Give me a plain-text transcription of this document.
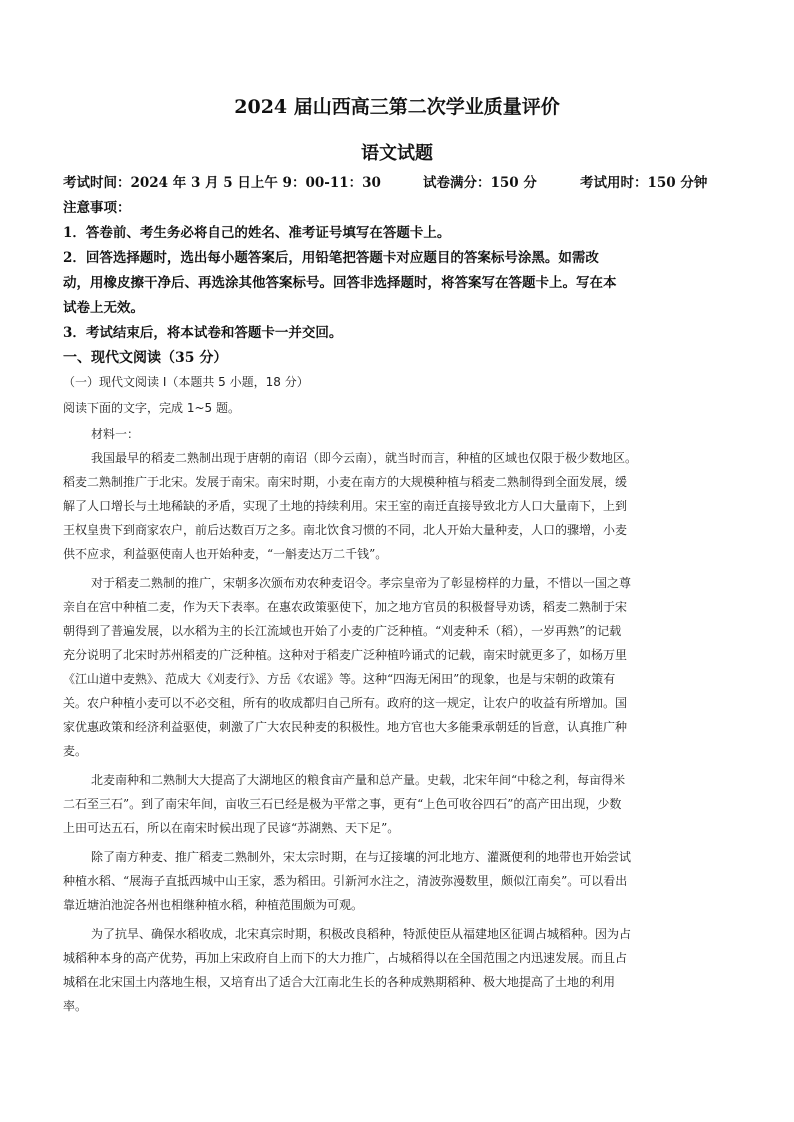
2024 届山西高三第二次学业质量评价
语文试题
考试时间：2024 年 3 月 5 日上午 9：00-11：30	试卷满分：150 分	考试用时：150 分钟
注意事项：
1．答卷前、考生务必将自己的姓名、准考证号填写在答题卡上。
2．回答选择题时，选出每小题答案后，用铅笔把答题卡对应题目的答案标号涂黑。如需改
动，用橡皮擦干净后、再选涂其他答案标号。回答非选择题时，将答案写在答题卡上。写在本
试卷上无效。
3．考试结束后，将本试卷和答题卡一并交回。
一、现代文阅读（35 分）
（一）现代文阅读 I（本题共 5 小题，18 分）
阅读下面的文字，完成 1~5 题。
材料一：
我国最早的稻麦二熟制出现于唐朝的南诏（即今云南），就当时而言，种植的区域也仅限于极少数地区。
稻麦二熟制推广于北宋。发展于南宋。南宋时期，小麦在南方的大规模种植与稻麦二熟制得到全面发展，缓
解了人口增长与土地稀缺的矛盾，实现了土地的持续利用。宋王室的南迁直接导致北方人口大量南下，上到
王权皇贵下到商家农户，前后达数百万之多。南北饮食习惯的不同，北人开始大量种麦，人口的骤增，小麦
供不应求，利益驱使南人也开始种麦，“一斛麦达万二千钱”。
对于稻麦二熟制的推广，宋朝多次颁布劝农种麦诏令。孝宗皇帝为了彰显榜样的力量，不惜以一国之尊
亲自在宫中种植二麦，作为天下表率。在惠农政策驱使下，加之地方官员的积极督导劝诱，稻麦二熟制于宋
朝得到了普遍发展，以水稻为主的长江流域也开始了小麦的广泛种植。“刈麦种禾（稻），一岁再熟”的记载
充分说明了北宋时苏州稻麦的广泛种植。这种对于稻麦广泛种植吟诵式的记载，南宋时就更多了，如杨万里
《江山道中麦熟》、范成大《刈麦行》、方岳《农谣》等。这种“四海无闲田”的现象，也是与宋朝的政策有
关。农户种植小麦可以不必交租，所有的收成都归自己所有。政府的这一规定，让农户的收益有所增加。国
家优惠政策和经济利益驱使，刺激了广大农民种麦的积极性。地方官也大多能秉承朝廷的旨意，认真推广种
麦。
北麦南种和二熟制大大提高了大湖地区的粮食亩产量和总产量。史载，北宋年间“中稔之利，每亩得米
二石至三石”。到了南宋年间，亩收三石已经是极为平常之事，更有“上色可收谷四石”的高产田出现，少数
上田可达五石，所以在南宋时候出现了民谚“苏湖熟、天下足”。
除了南方种麦、推广稻麦二熟制外，宋太宗时期，在与辽接壤的河北地方、灌溉便利的地带也开始尝试
种植水稻、“展海子直抵西城中山王家，悉为稻田。引新河水注之，清波弥漫数里，颇似江南矣”。可以看出
靠近塘泊池淀各州也相继种植水稻，种植范围颇为可观。
为了抗旱、确保水稻收成，北宋真宗时期，积极改良稻种，特派使臣从福建地区征调占城稻种。因为占
城稻种本身的高产优势，再加上宋政府自上而下的大力推广，占城稻得以在全国范围之内迅速发展。而且占
城稻在北宋国土内落地生根，又培育出了适合大江南北生长的各种成熟期稻种、极大地提高了土地的利用
率。
